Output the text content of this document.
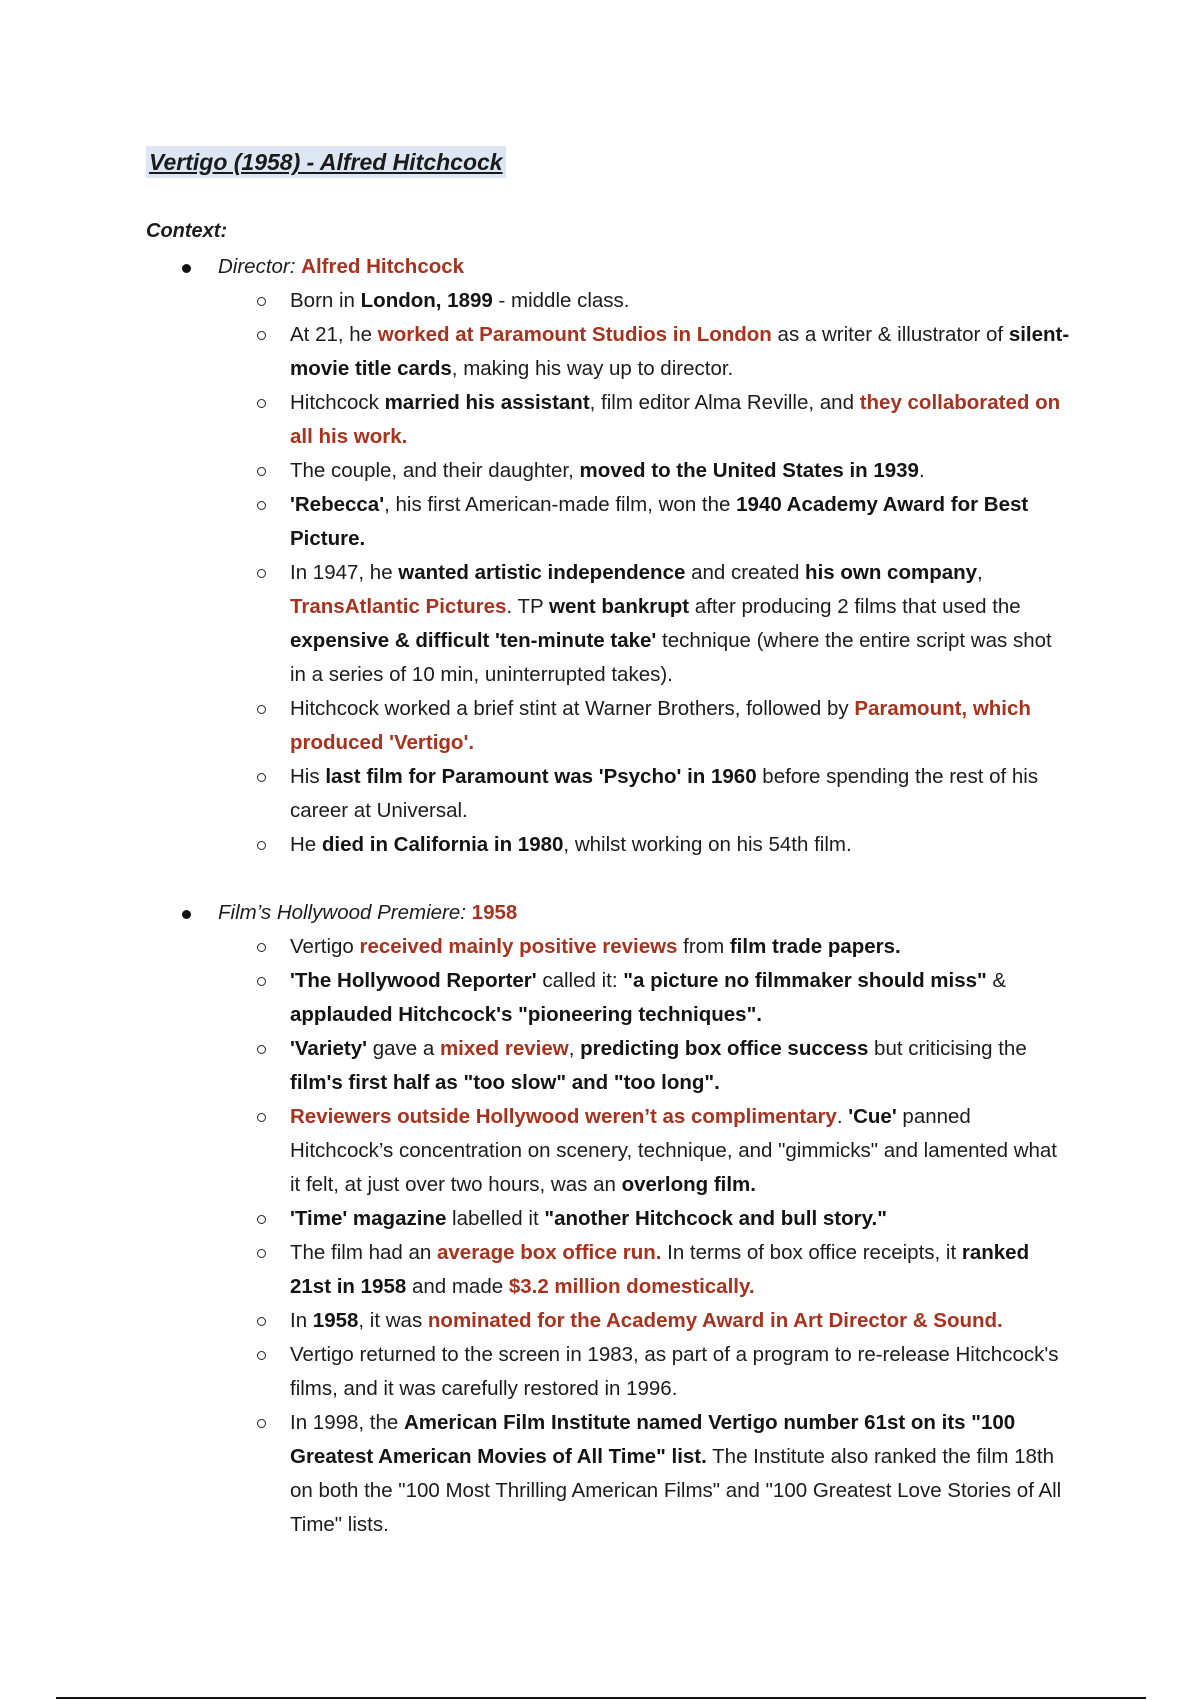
Vertigo (1958) - Alfred Hitchcock
Context:
Director: Alfred Hitchcock
Born in London, 1899 - middle class.
At 21, he worked at Paramount Studios in London as a writer & illustrator of silent-movie title cards, making his way up to director.
Hitchcock married his assistant, film editor Alma Reville, and they collaborated on all his work.
The couple, and their daughter, moved to the United States in 1939.
'Rebecca', his first American-made film, won the 1940 Academy Award for Best Picture.
In 1947, he wanted artistic independence and created his own company, TransAtlantic Pictures. TP went bankrupt after producing 2 films that used the expensive & difficult 'ten-minute take' technique (where the entire script was shot in a series of 10 min, uninterrupted takes).
Hitchcock worked a brief stint at Warner Brothers, followed by Paramount, which produced 'Vertigo'.
His last film for Paramount was 'Psycho' in 1960 before spending the rest of his career at Universal.
He died in California in 1980, whilst working on his 54th film.
Film’s Hollywood Premiere: 1958
Vertigo received mainly positive reviews from film trade papers.
'The Hollywood Reporter' called it: "a picture no filmmaker should miss" & applauded Hitchcock's "pioneering techniques".
'Variety' gave a mixed review, predicting box office success but criticising the film's first half as "too slow" and "too long".
Reviewers outside Hollywood weren’t as complimentary. 'Cue' panned Hitchcock’s concentration on scenery, technique, and "gimmicks" and lamented what it felt, at just over two hours, was an overlong film.
'Time' magazine labelled it "another Hitchcock and bull story."
The film had an average box office run. In terms of box office receipts, it ranked 21st in 1958 and made $3.2 million domestically.
In 1958, it was nominated for the Academy Award in Art Director & Sound.
Vertigo returned to the screen in 1983, as part of a program to re-release Hitchcock's films, and it was carefully restored in 1996.
In 1998, the American Film Institute named Vertigo number 61st on its "100 Greatest American Movies of All Time" list. The Institute also ranked the film 18th on both the "100 Most Thrilling American Films" and "100 Greatest Love Stories of All Time" lists.
